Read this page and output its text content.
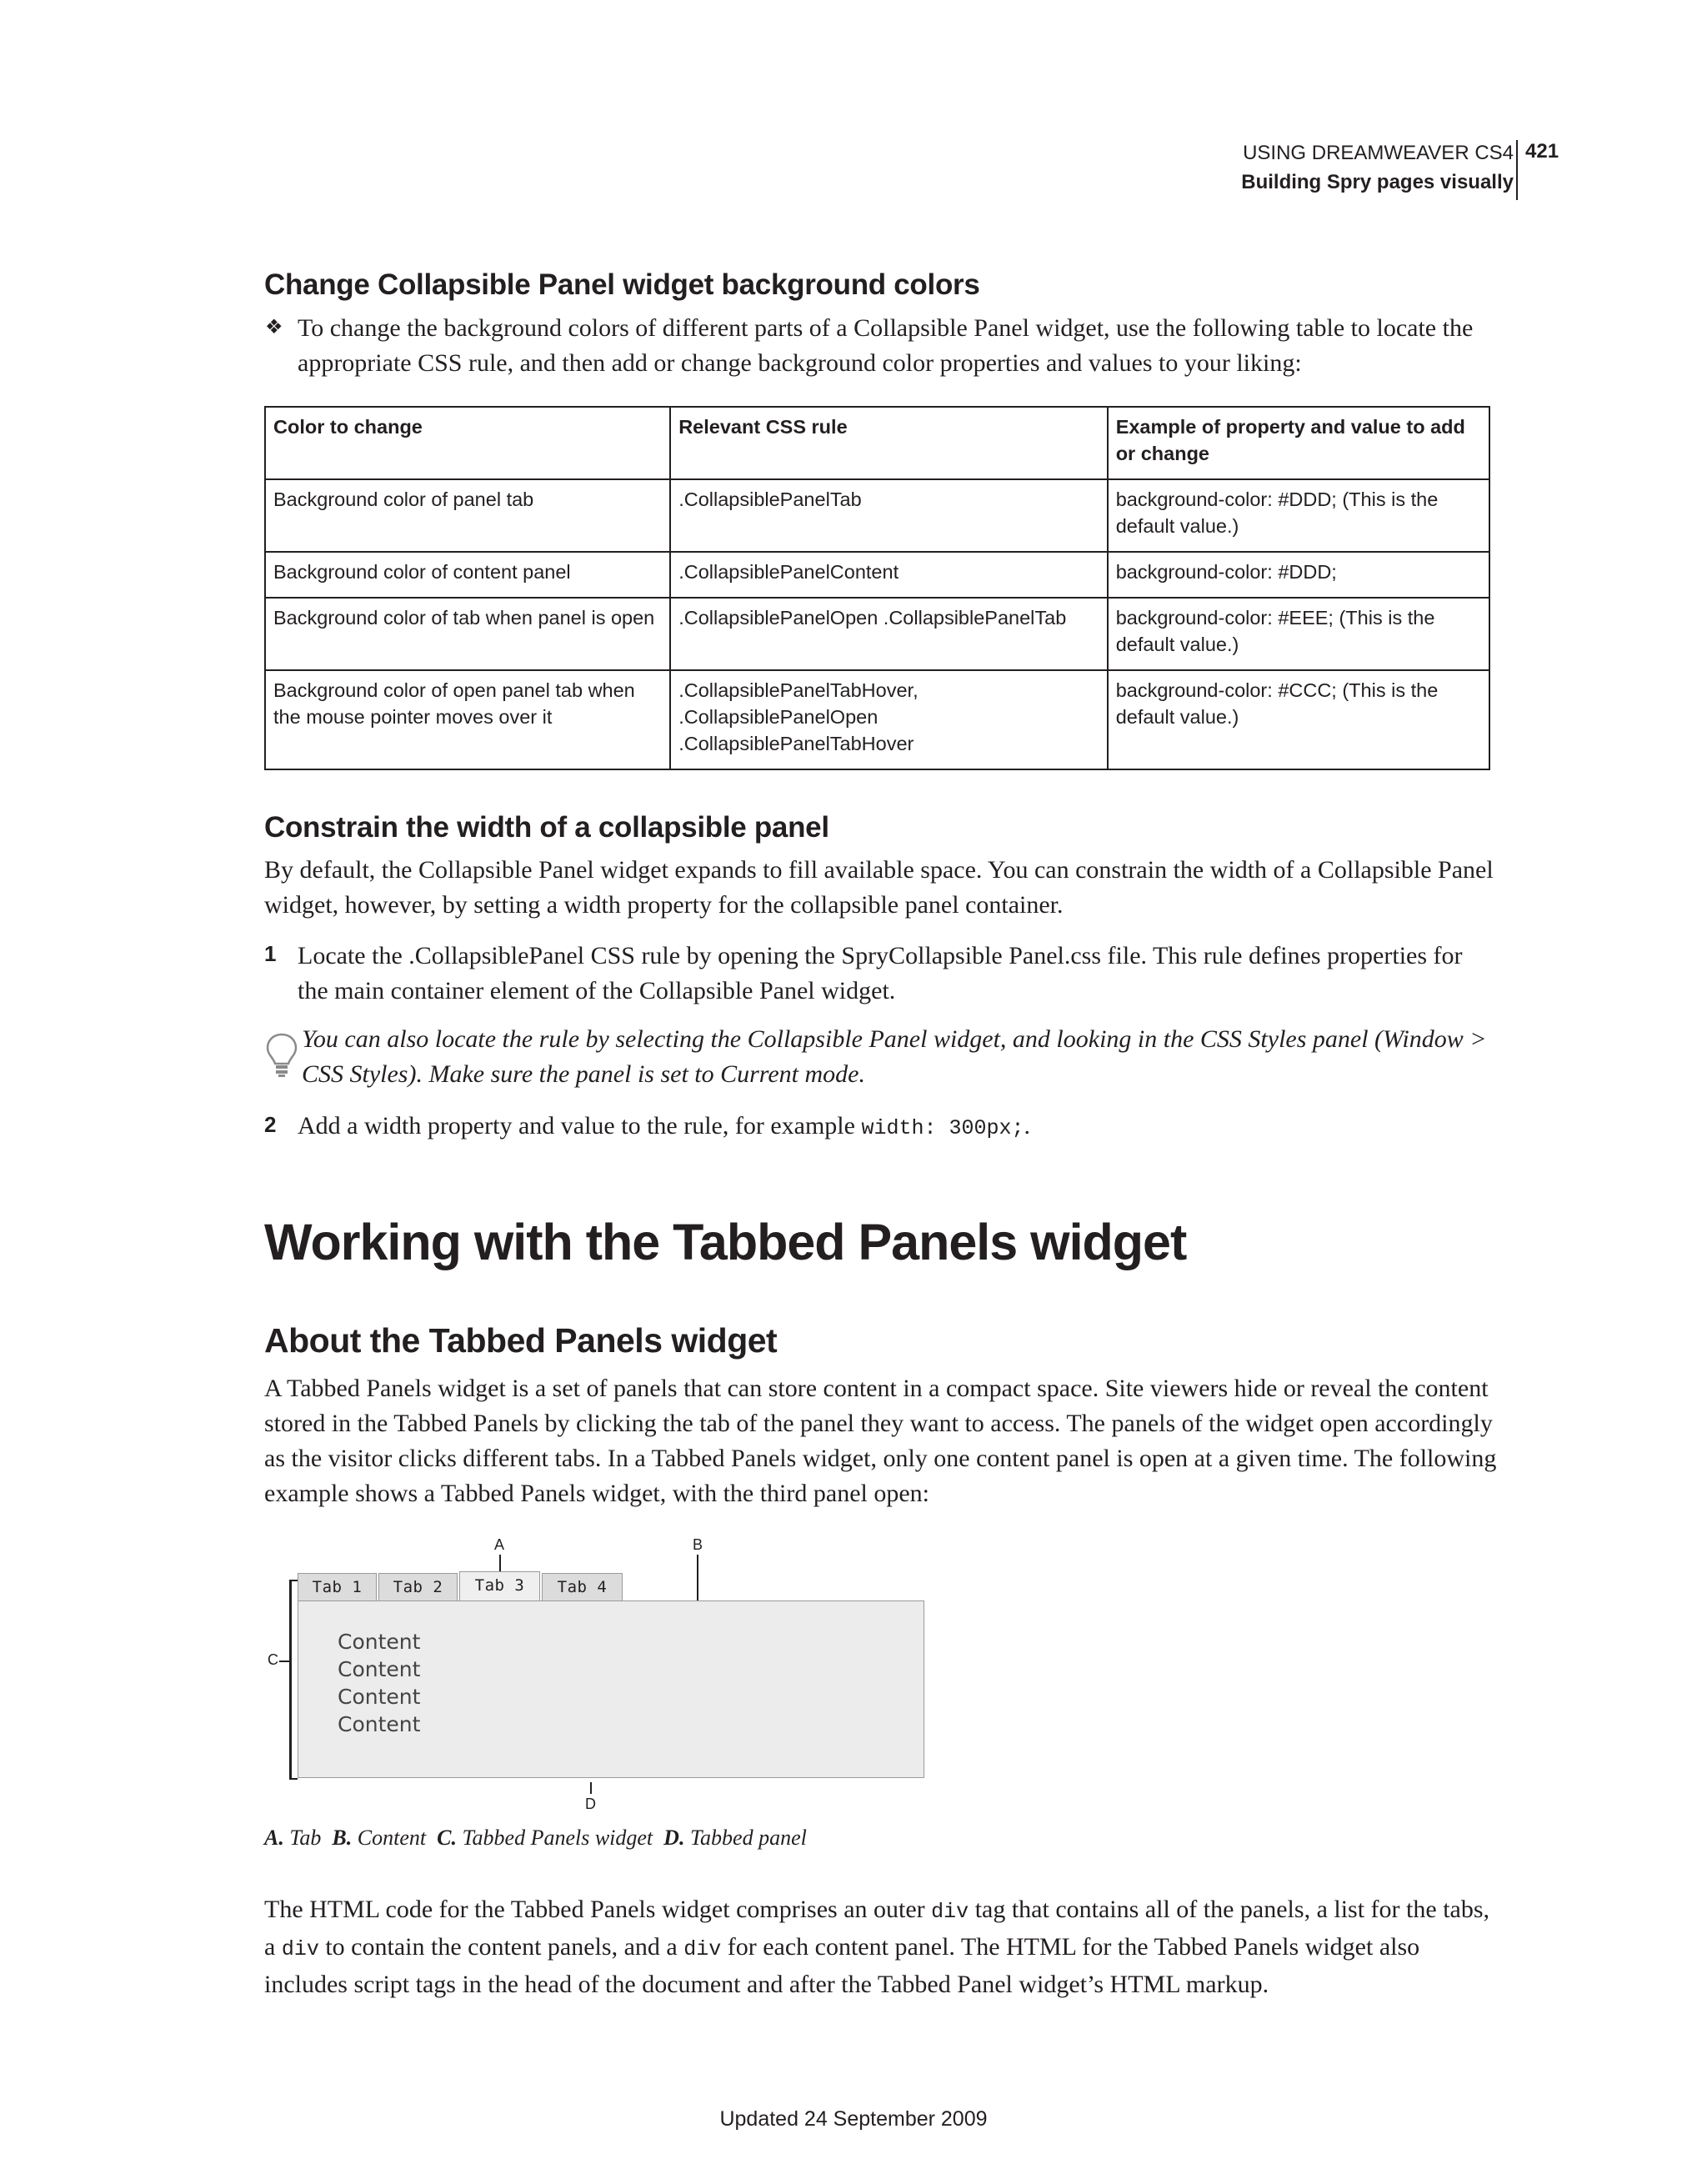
USING DREAMWEAVER CS4
Building Spry pages visually
421
Change Collapsible Panel widget background colors
❖ To change the background colors of different parts of a Collapsible Panel widget, use the following table to locate the appropriate CSS rule, and then add or change background color properties and values to your liking:
Color to change	Relevant CSS rule	Example of property and value to add or change
Background color of panel tab	.CollapsiblePanelTab	background-color: #DDD; (This is the default value.)
Background color of content panel	.CollapsiblePanelContent	background-color: #DDD;
Background color of tab when panel is open	.CollapsiblePanelOpen .CollapsiblePanelTab	background-color: #EEE; (This is the default value.)
Background color of open panel tab when the mouse pointer moves over it	.CollapsiblePanelTabHover, .CollapsiblePanelOpen .CollapsiblePanelTabHover	background-color: #CCC; (This is the default value.)
Constrain the width of a collapsible panel
By default, the Collapsible Panel widget expands to fill available space. You can constrain the width of a Collapsible Panel widget, however, by setting a width property for the collapsible panel container.
1 Locate the .CollapsiblePanel CSS rule by opening the SpryCollapsible Panel.css file. This rule defines properties for the main container element of the Collapsible Panel widget.
You can also locate the rule by selecting the Collapsible Panel widget, and looking in the CSS Styles panel (Window > CSS Styles). Make sure the panel is set to Current mode.
2 Add a width property and value to the rule, for example width: 300px;.
Working with the Tabbed Panels widget
About the Tabbed Panels widget
A Tabbed Panels widget is a set of panels that can store content in a compact space. Site viewers hide or reveal the content stored in the Tabbed Panels by clicking the tab of the panel they want to access. The panels of the widget open accordingly as the visitor clicks different tabs. In a Tabbed Panels widget, only one content panel is open at a given time. The following example shows a Tabbed Panels widget, with the third panel open:
A	B
C
Tab 1	Tab 2	Tab 3	Tab 4
Content
Content
Content
Content
D
A. Tab B. Content C. Tabbed Panels widget D. Tabbed panel
The HTML code for the Tabbed Panels widget comprises an outer div tag that contains all of the panels, a list for the tabs, a div to contain the content panels, and a div for each content panel. The HTML for the Tabbed Panels widget also includes script tags in the head of the document and after the Tabbed Panel widget’s HTML markup.
Updated 24 September 2009
